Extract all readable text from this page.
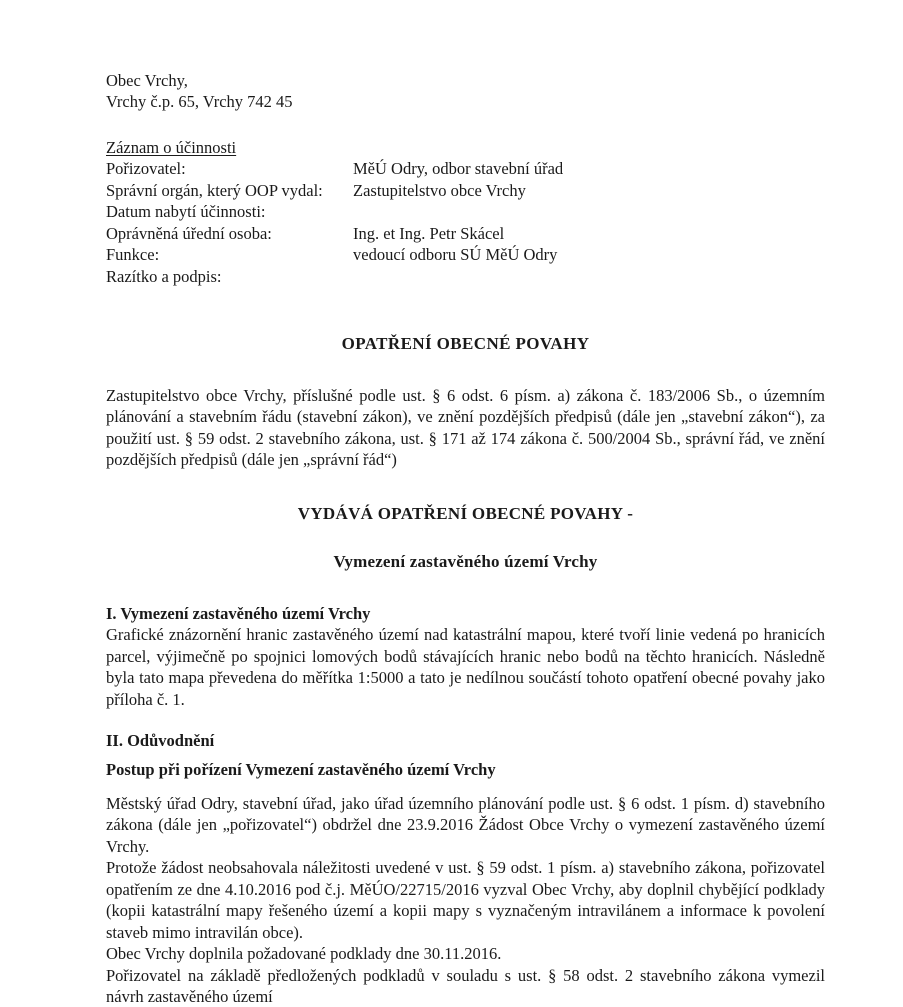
Obec Vrchy,
Vrchy č.p. 65, Vrchy 742 45
Záznam o účinnosti
Pořizovatel:	MěÚ Odry, odbor stavební úřad
Správní orgán, který OOP vydal:	Zastupitelstvo obce Vrchy
Datum nabytí účinnosti:	
Oprávněná úřední osoba:	Ing. et Ing. Petr Skácel
Funkce:	vedoucí odboru SÚ MěÚ Odry
Razítko a podpis:	
OPATŘENÍ OBECNÉ POVAHY

Zastupitelstvo obce Vrchy, příslušné podle ust. § 6 odst. 6 písm. a) zákona č. 183/2006 Sb., o územním plánování a stavebním řádu (stavební zákon), ve znění pozdějších předpisů (dále jen „stavební zákon“), za použití ust. § 59 odst. 2 stavebního zákona, ust. § 171 až 174 zákona č. 500/2004 Sb., správní řád, ve znění pozdějších předpisů (dále jen „správní řád“)

VYDÁVÁ OPATŘENÍ OBECNÉ POVAHY -
Vymezení zastavěného území Vrchy
I. Vymezení zastavěného území Vrchy

Grafické znázornění hranic zastavěného území nad katastrální mapou, které tvoří linie vedená po hranicích parcel, výjimečně po spojnici lomových bodů stávajících hranic nebo bodů na těchto hranicích. Následně byla tato mapa převedena do měřítka 1:5000 a tato je nedílnou součástí tohoto opatření obecné povahy jako příloha č. 1.

II. Odůvodnění
Postup při pořízení Vymezení zastavěného území Vrchy

Městský úřad Odry, stavební úřad, jako úřad územního plánování podle ust. § 6 odst. 1 písm. d) stavebního zákona (dále jen „pořizovatel“) obdržel dne 23.9.2016 Žádost Obce Vrchy o vymezení zastavěného území Vrchy.

Protože žádost neobsahovala náležitosti uvedené v ust. § 59 odst. 1 písm. a) stavebního zákona, pořizovatel opatřením ze dne 4.10.2016 pod č.j. MěÚO/22715/2016 vyzval Obec Vrchy, aby doplnil chybějící podklady (kopii katastrální mapy řešeného území a kopii mapy s vyznačeným intravilánem a informace k povolení staveb mimo intravilán obce).

Obec Vrchy doplnila požadované podklady dne 30.11.2016.

Pořizovatel na základě předložených podkladů v souladu s ust. § 58 odst. 2 stavebního zákona vymezil návrh zastavěného území
